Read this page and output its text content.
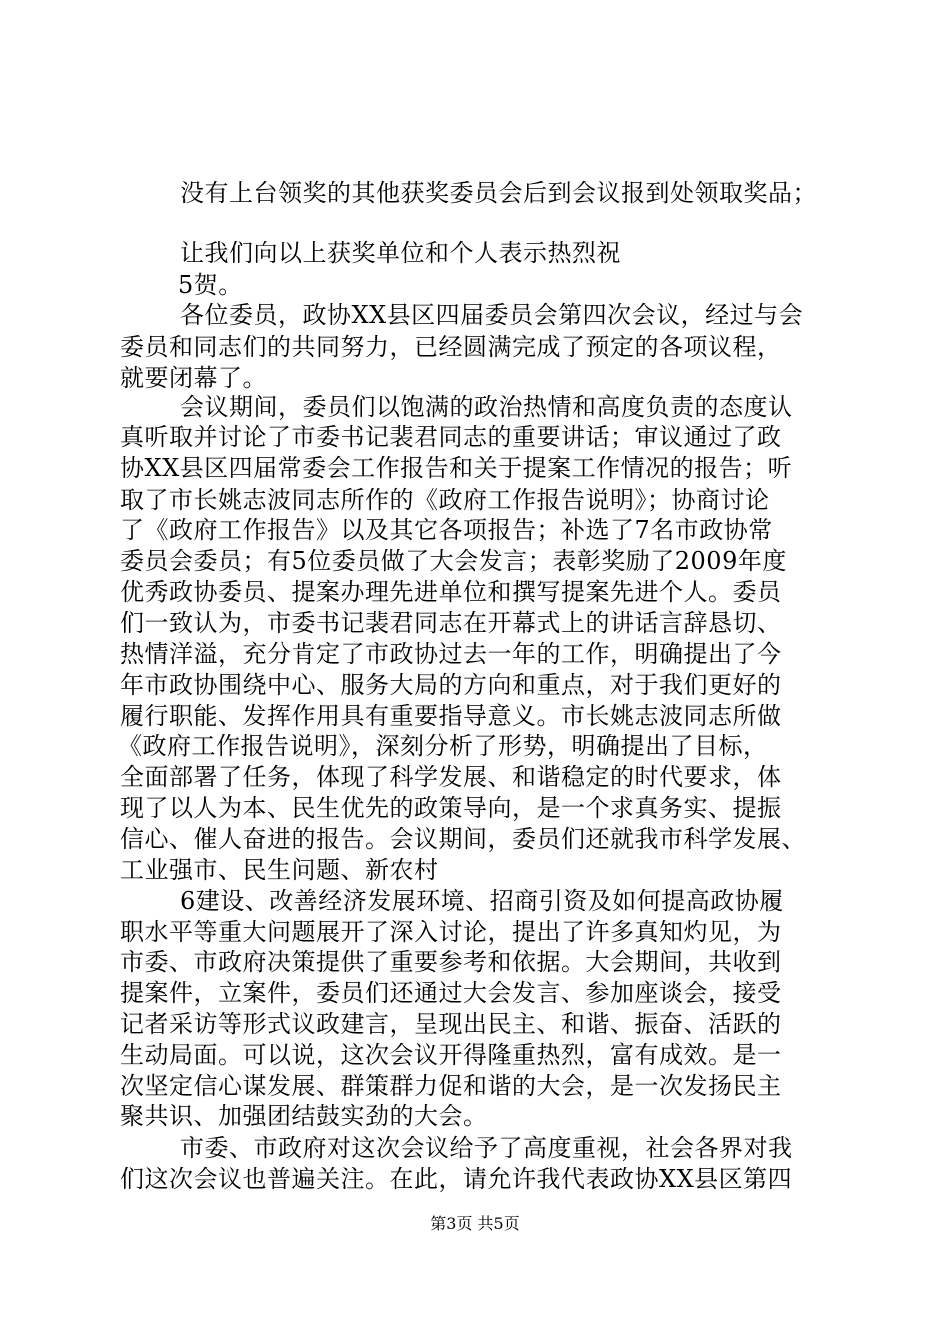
没有上台领奖的其他获奖委员会后到会议报到处领取奖品；

让我们向以上获奖单位和个人表示热烈祝

5贺。

各位委员，政协XX县区四届委员会第四次会议，经过与会

委员和同志们的共同努力，已经圆满完成了预定的各项议程，

就要闭幕了。

会议期间，委员们以饱满的政治热情和高度负责的态度认

真听取并讨论了市委书记裴君同志的重要讲话；审议通过了政

协XX县区四届常委会工作报告和关于提案工作情况的报告；听

取了市长姚志波同志所作的《政府工作报告说明》；协商讨论

了《政府工作报告》以及其它各项报告；补选了7名市政协常

委员会委员；有5位委员做了大会发言；表彰奖励了2009年度

优秀政协委员、提案办理先进单位和撰写提案先进个人。委员

们一致认为，市委书记裴君同志在开幕式上的讲话言辞恳切、

热情洋溢，充分肯定了市政协过去一年的工作，明确提出了今

年市政协围绕中心、服务大局的方向和重点，对于我们更好的

履行职能、发挥作用具有重要指导意义。市长姚志波同志所做

《政府工作报告说明》，深刻分析了形势，明确提出了目标，

全面部署了任务，体现了科学发展、和谐稳定的时代要求，体

现了以人为本、民生优先的政策导向，是一个求真务实、提振

信心、催人奋进的报告。会议期间，委员们还就我市科学发展、

工业强市、民生问题、新农村

6建设、改善经济发展环境、招商引资及如何提高政协履

职水平等重大问题展开了深入讨论，提出了许多真知灼见，为

市委、市政府决策提供了重要参考和依据。大会期间，共收到

提案件，立案件，委员们还通过大会发言、参加座谈会，接受

记者采访等形式议政建言，呈现出民主、和谐、振奋、活跃的

生动局面。可以说，这次会议开得隆重热烈，富有成效。是一

次坚定信心谋发展、群策群力促和谐的大会，是一次发扬民主

聚共识、加强团结鼓实劲的大会。

市委、市政府对这次会议给予了高度重视，社会各界对我

们这次会议也普遍关注。在此，请允许我代表政协XX县区第四

第3页 共5页
